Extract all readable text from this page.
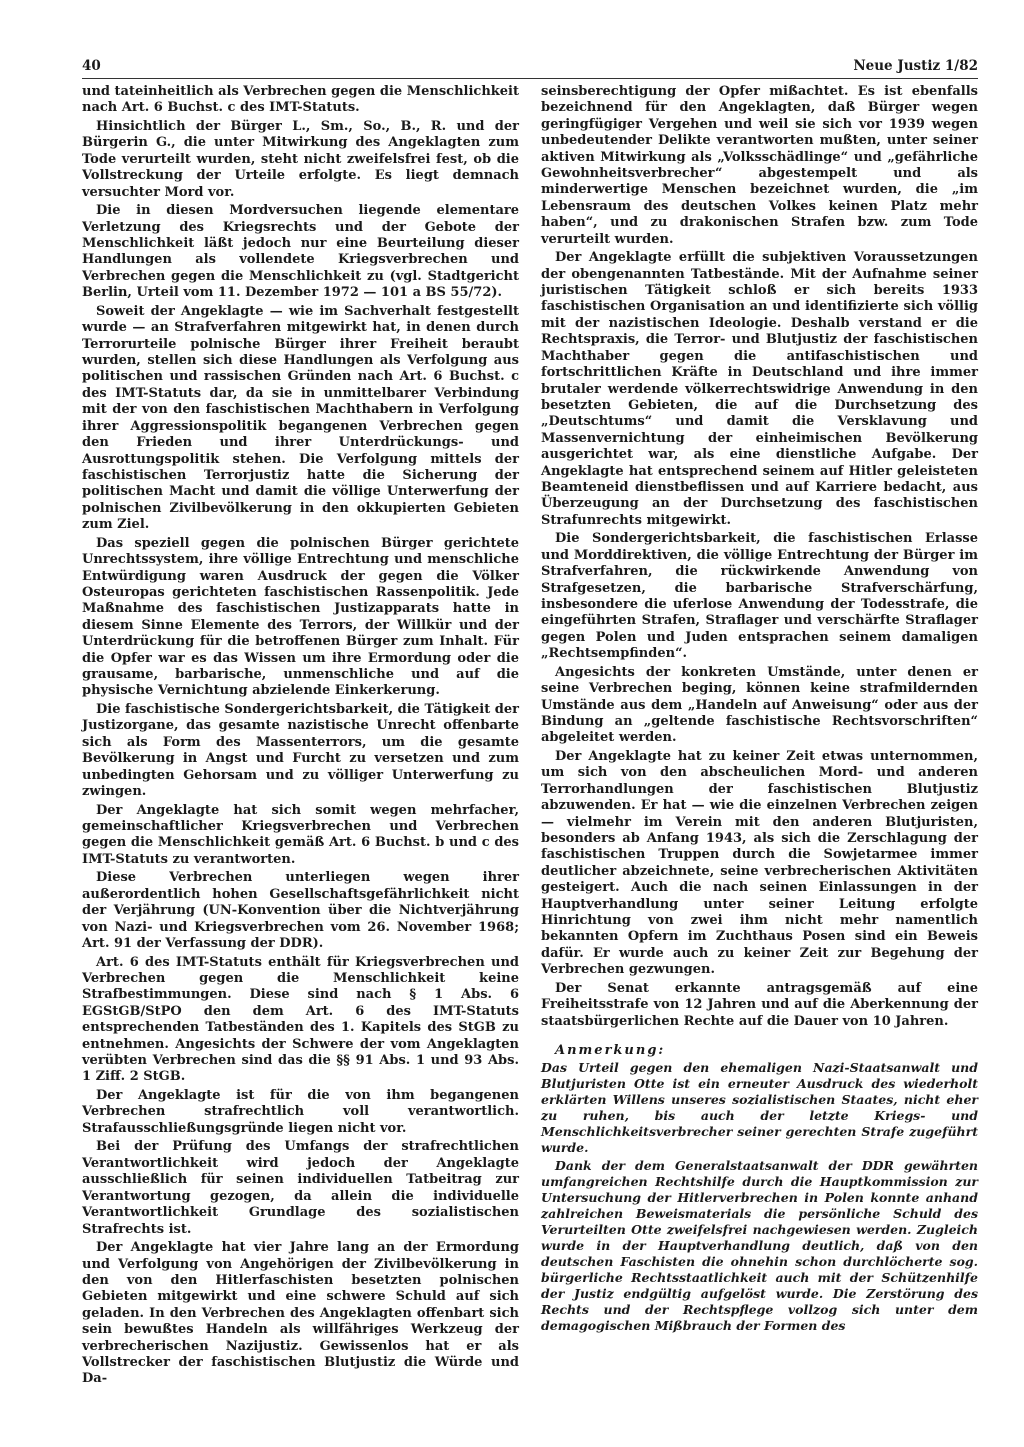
40	Neue Justiz 1/82

und tateinheitlich als Verbrechen gegen die Menschlichkeit nach Art. 6 Buchst. c des IMT-Statuts.

Hinsichtlich der Bürger L., Sm., So., B., R. und der Bürgerin G., die unter Mitwirkung des Angeklagten zum Tode verurteilt wurden, steht nicht zweifelsfrei fest, ob die Vollstreckung der Urteile erfolgte. Es liegt demnach versuchter Mord vor.

Die in diesen Mordversuchen liegende elementare Verletzung des Kriegsrechts und der Gebote der Menschlichkeit läßt jedoch nur eine Beurteilung dieser Handlungen als vollendete Kriegsverbrechen und Verbrechen gegen die Menschlichkeit zu (vgl. Stadtgericht Berlin, Urteil vom 11. Dezember 1972 — 101 a BS 55/72).

Soweit der Angeklagte — wie im Sachverhalt festgestellt wurde — an Strafverfahren mitgewirkt hat, in denen durch Terrorurteile polnische Bürger ihrer Freiheit beraubt wurden, stellen sich diese Handlungen als Verfolgung aus politischen und rassischen Gründen nach Art. 6 Buchst. c des IMT-Statuts dar, da sie in unmittelbarer Verbindung mit der von den faschistischen Machthabern in Verfolgung ihrer Aggressionspolitik begangenen Verbrechen gegen den Frieden und ihrer Unterdrückungs- und Ausrottungspolitik stehen. Die Verfolgung mittels der faschistischen Terrorjustiz hatte die Sicherung der politischen Macht und damit die völlige Unterwerfung der polnischen Zivilbevölkerung in den okkupierten Gebieten zum Ziel.

Das speziell gegen die polnischen Bürger gerichtete Unrechtssystem, ihre völlige Entrechtung und menschliche Entwürdigung waren Ausdruck der gegen die Völker Osteuropas gerichteten faschistischen Rassenpolitik. Jede Maßnahme des faschistischen Justizapparats hatte in diesem Sinne Elemente des Terrors, der Willkür und der Unterdrückung für die betroffenen Bürger zum Inhalt. Für die Opfer war es das Wissen um ihre Ermordung oder die grausame, barbarische, unmenschliche und auf die physische Vernichtung abzielende Einkerkerung.

Die faschistische Sondergerichtsbarkeit, die Tätigkeit der Justizorgane, das gesamte nazistische Unrecht offenbarte sich als Form des Massenterrors, um die gesamte Bevölkerung in Angst und Furcht zu versetzen und zum unbedingten Gehorsam und zu völliger Unterwerfung zu zwingen.

Der Angeklagte hat sich somit wegen mehrfacher, gemeinschaftlicher Kriegsverbrechen und Verbrechen gegen die Menschlichkeit gemäß Art. 6 Buchst. b und c des IMT-Statuts zu verantworten.

Diese Verbrechen unterliegen wegen ihrer außerordentlich hohen Gesellschaftsgefährlichkeit nicht der Verjährung (UN-Konvention über die Nichtverjährung von Nazi- und Kriegsverbrechen vom 26. November 1968; Art. 91 der Verfassung der DDR).

Art. 6 des IMT-Statuts enthält für Kriegsverbrechen und Verbrechen gegen die Menschlichkeit keine Strafbestimmungen. Diese sind nach § 1 Abs. 6 EGStGB/StPO den dem Art. 6 des IMT-Statuts entsprechenden Tatbeständen des 1. Kapitels des StGB zu entnehmen. Angesichts der Schwere der vom Angeklagten verübten Verbrechen sind das die §§ 91 Abs. 1 und 93 Abs. 1 Ziff. 2 StGB.

Der Angeklagte ist für die von ihm begangenen Verbrechen strafrechtlich voll verantwortlich. Strafausschließungsgründe liegen nicht vor.

Bei der Prüfung des Umfangs der strafrechtlichen Verantwortlichkeit wird jedoch der Angeklagte ausschließlich für seinen individuellen Tatbeitrag zur Verantwortung gezogen, da allein die individuelle Verantwortlichkeit Grundlage des sozialistischen Strafrechts ist.

Der Angeklagte hat vier Jahre lang an der Ermordung und Verfolgung von Angehörigen der Zivilbevölkerung in den von den Hitlerfaschisten besetzten polnischen Gebieten mitgewirkt und eine schwere Schuld auf sich geladen. In den Verbrechen des Angeklagten offenbart sich sein bewußtes Handeln als willfähriges Werkzeug der verbrecherischen Nazijustiz. Gewissenlos hat er als Vollstrecker der faschistischen Blutjustiz die Würde und Da-

seinsberechtigung der Opfer mißachtet. Es ist ebenfalls bezeichnend für den Angeklagten, daß Bürger wegen geringfügiger Vergehen und weil sie sich vor 1939 wegen unbedeutender Delikte verantworten mußten, unter seiner aktiven Mitwirkung als „Volksschädlinge“ und „gefährliche Gewohnheitsverbrecher“ abgestempelt und als minderwertige Menschen bezeichnet wurden, die „im Lebensraum des deutschen Volkes keinen Platz mehr haben“, und zu drakonischen Strafen bzw. zum Tode verurteilt wurden.

Der Angeklagte erfüllt die subjektiven Voraussetzungen der obengenannten Tatbestände. Mit der Aufnahme seiner juristischen Tätigkeit schloß er sich bereits 1933 faschistischen Organisation an und identifizierte sich völlig mit der nazistischen Ideologie. Deshalb verstand er die Rechtspraxis, die Terror- und Blutjustiz der faschistischen Machthaber gegen die antifaschistischen und fortschrittlichen Kräfte in Deutschland und ihre immer brutaler werdende völkerrechtswidrige Anwendung in den besetzten Gebieten, die auf die Durchsetzung des „Deutschtums“ und damit die Versklavung und Massenvernichtung der einheimischen Bevölkerung ausgerichtet war, als eine dienstliche Aufgabe. Der Angeklagte hat entsprechend seinem auf Hitler geleisteten Beamteneid dienstbeflissen und auf Karriere bedacht, aus Überzeugung an der Durchsetzung des faschistischen Strafunrechts mitgewirkt.

Die Sondergerichtsbarkeit, die faschistischen Erlasse und Morddirektiven, die völlige Entrechtung der Bürger im Strafverfahren, die rückwirkende Anwendung von Strafgesetzen, die barbarische Strafverschärfung, insbesondere die uferlose Anwendung der Todesstrafe, die eingeführten Strafen, Straflager und verschärfte Straflager gegen Polen und Juden entsprachen seinem damaligen „Rechtsempfinden“.

Angesichts der konkreten Umstände, unter denen er seine Verbrechen beging, können keine strafmildernden Umstände aus dem „Handeln auf Anweisung“ oder aus der Bindung an „geltende faschistische Rechtsvorschriften“ abgeleitet werden.

Der Angeklagte hat zu keiner Zeit etwas unternommen, um sich von den abscheulichen Mord- und anderen Terrorhandlungen der faschistischen Blutjustiz abzuwenden. Er hat — wie die einzelnen Verbrechen zeigen — vielmehr im Verein mit den anderen Blutjuristen, besonders ab Anfang 1943, als sich die Zerschlagung der faschistischen Truppen durch die Sowjetarmee immer deutlicher abzeichnete, seine verbrecherischen Aktivitäten gesteigert. Auch die nach seinen Einlassungen in der Hauptverhandlung unter seiner Leitung erfolgte Hinrichtung von zwei ihm nicht mehr namentlich bekannten Opfern im Zuchthaus Posen sind ein Beweis dafür. Er wurde auch zu keiner Zeit zur Begehung der Verbrechen gezwungen.

Der Senat erkannte antragsgemäß auf eine Freiheitsstrafe von 12 Jahren und auf die Aberkennung der staatsbürgerlichen Rechte auf die Dauer von 10 Jahren.

Anmerkung:

Das Urteil gegen den ehemaligen Nazi-Staatsanwalt und Blutjuristen Otte ist ein erneuter Ausdruck des wiederholt erklärten Willens unseres sozialistischen Staates, nicht eher zu ruhen, bis auch der letzte Kriegs- und Menschlichkeitsverbrecher seiner gerechten Strafe zugeführt wurde.

Dank der dem Generalstaatsanwalt der DDR gewährten umfangreichen Rechtshilfe durch die Hauptkommission zur Untersuchung der Hitlerverbrechen in Polen konnte anhand zahlreichen Beweismaterials die persönliche Schuld des Verurteilten Otte zweifelsfrei nachgewiesen werden. Zugleich wurde in der Hauptverhandlung deutlich, daß von den deutschen Faschisten die ohnehin schon durchlöcherte sog. bürgerliche Rechtsstaatlichkeit auch mit der Schützenhilfe der Justiz endgültig aufgelöst wurde. Die Zerstörung des Rechts und der Rechtspflege vollzog sich unter dem demagogischen Mißbrauch der Formen des
